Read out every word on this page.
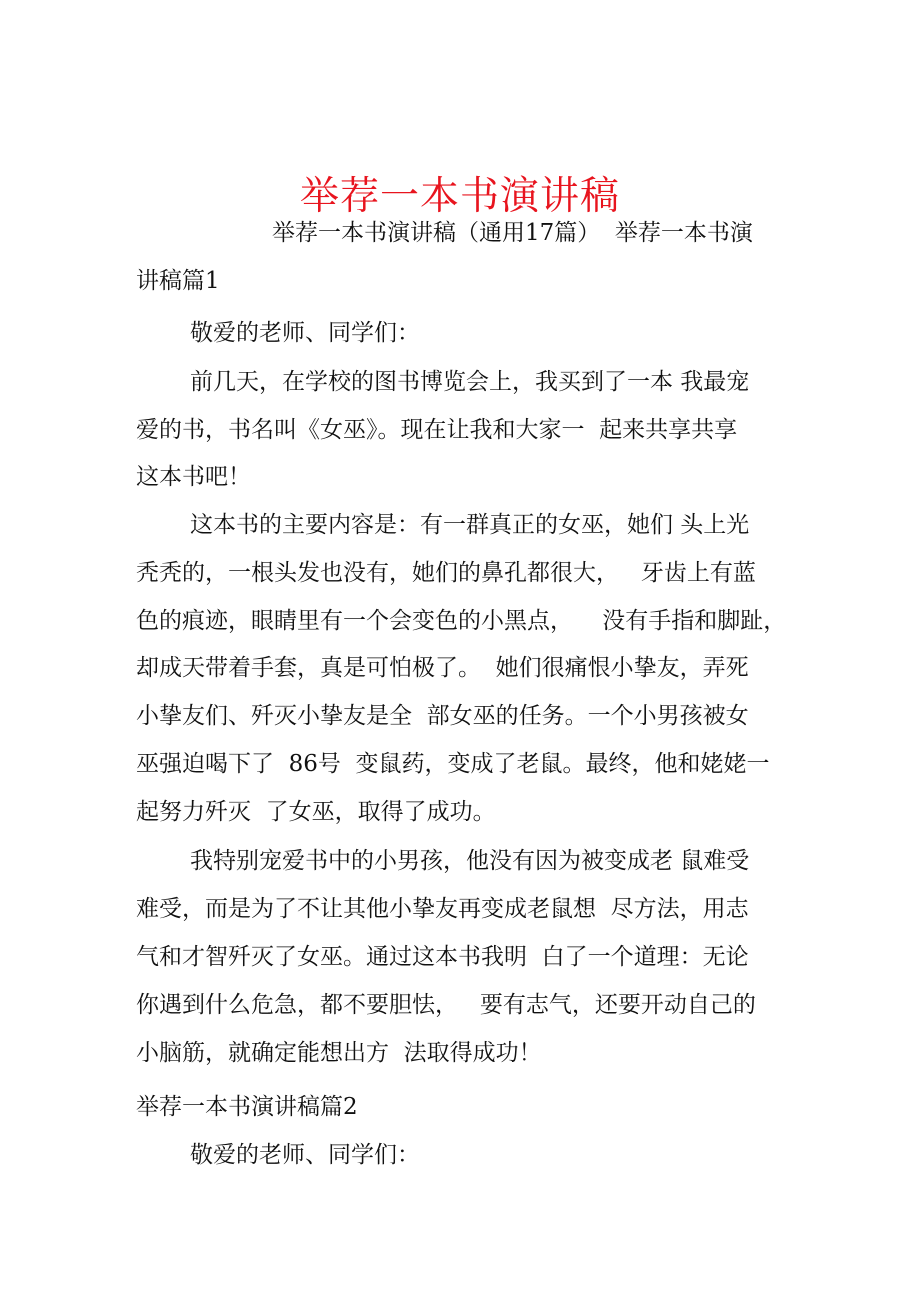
举荐一本书演讲稿
举荐一本书演讲稿（通用17篇）  举荐一本书演
讲稿篇1
敬爱的老师、同学们：
前几天，在学校的图书博览会上，我买到了一本 我最宠
爱的书，书名叫《女巫》。现在让我和大家一  起来共享共享
这本书吧！
这本书的主要内容是：有一群真正的女巫，她们 头上光
秃秃的，一根头发也没有，她们的鼻孔都很大，   牙齿上有蓝
色的痕迹，眼睛里有一个会变色的小黑点，    没有手指和脚趾，
却成天带着手套，真是可怕极了。  她们很痛恨小挚友，弄死
小挚友们、歼灭小挚友是全  部女巫的任务。一个小男孩被女
巫强迫喝下了  86号  变鼠药，变成了老鼠。最终，他和姥姥一
起努力歼灭  了女巫，取得了成功。
我特别宠爱书中的小男孩，他没有因为被变成老 鼠难受
难受，而是为了不让其他小挚友再变成老鼠想  尽方法，用志
气和才智歼灭了女巫。通过这本书我明  白了一个道理：无论
你遇到什么危急，都不要胆怯，   要有志气，还要开动自己的
小脑筋，就确定能想出方  法取得成功！
举荐一本书演讲稿篇2
敬爱的老师、同学们：
